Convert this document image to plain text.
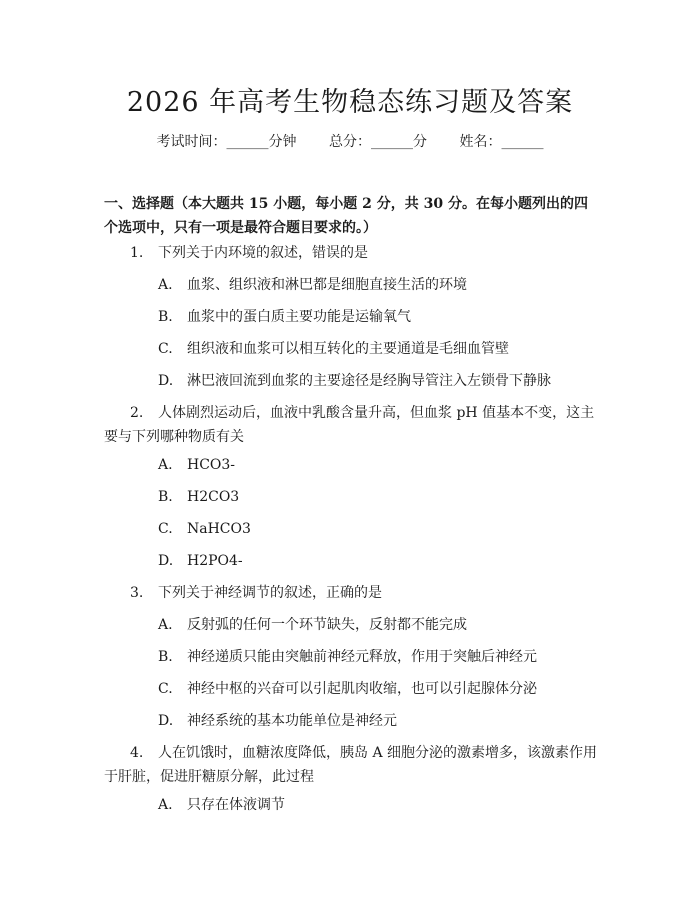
2026 年高考生物稳态练习题及答案
考试时间：______分钟 总分：______分 姓名：______
一、选择题（本大题共 15 小题，每小题 2 分，共 30 分。在每小题列出的四个选项中，只有一项是最符合题目要求的。）
1. 下列关于内环境的叙述，错误的是
A. 血浆、组织液和淋巴都是细胞直接生活的环境
B. 血浆中的蛋白质主要功能是运输氧气
C. 组织液和血浆可以相互转化的主要通道是毛细血管壁
D. 淋巴液回流到血浆的主要途径是经胸导管注入左锁骨下静脉
2. 人体剧烈运动后，血液中乳酸含量升高，但血浆 pH 值基本不变，这主要与下列哪种物质有关
A. HCO3-
B. H2CO3
C. NaHCO3
D. H2PO4-
3. 下列关于神经调节的叙述，正确的是
A. 反射弧的任何一个环节缺失，反射都不能完成
B. 神经递质只能由突触前神经元释放，作用于突触后神经元
C. 神经中枢的兴奋可以引起肌肉收缩，也可以引起腺体分泌
D. 神经系统的基本功能单位是神经元
4. 人在饥饿时，血糖浓度降低，胰岛 A 细胞分泌的激素增多，该激素作用于肝脏，促进肝糖原分解，此过程
A. 只存在体液调节
